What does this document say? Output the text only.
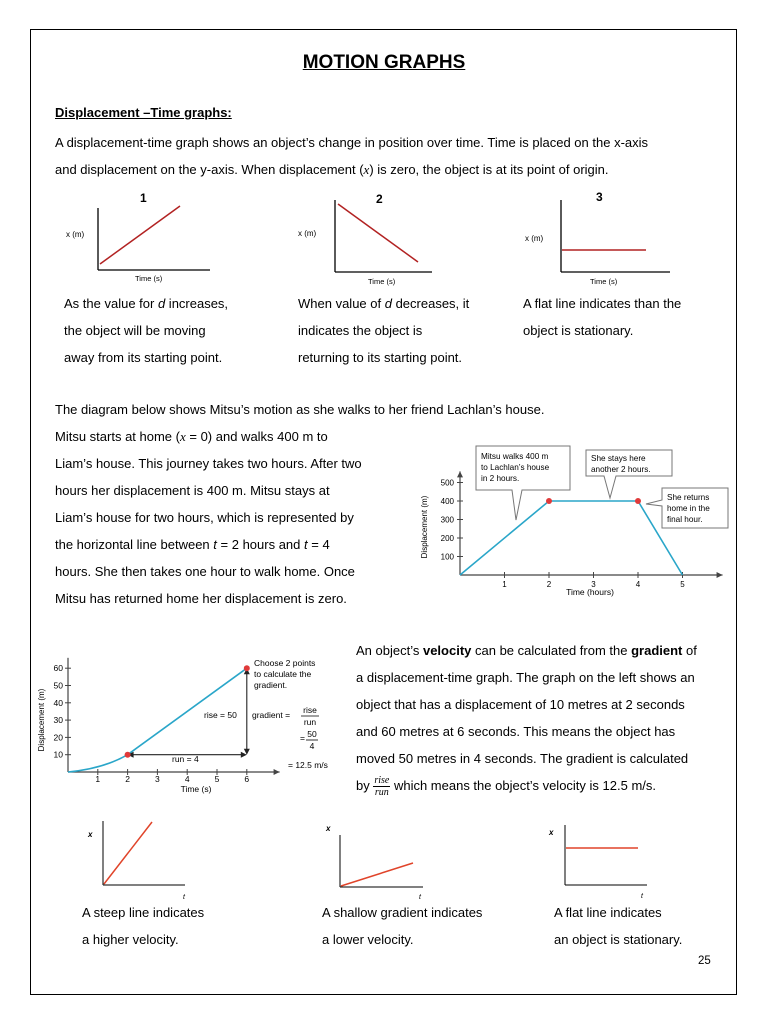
MOTION GRAPHS
Displacement –Time graphs:
A displacement-time graph shows an object’s change in position over time. Time is placed on the x-axis
and displacement on the y-axis. When displacement (x) is zero, the object is at its point of origin.
1
x (m)
Time (s)
2
x (m)
Time (s)
3
x (m)
Time (s)
As the value for d increases,
the object will be moving
away from its starting point.
When value of d decreases, it
indicates the object is
returning to its starting point.
A flat line indicates than the
object is stationary.
The diagram below shows Mitsu’s motion as she walks to her friend Lachlan’s house.
Mitsu starts at home (x = 0) and walks 400 m to
Liam’s house. This journey takes two hours. After two
hours her displacement is 400 m. Mitsu stays at
Liam’s house for two hours, which is represented by
the horizontal line between t = 2 hours and t = 4
hours. She then takes one hour to walk home. Once
Mitsu has returned home her displacement is zero.
100
200
300
400
500
1	2	3	4	5
Displacement (m)
Time (hours)
Mitsu walks 400 m
to Lachlan’s house
in 2 hours.
She stays here
another 2 hours.
She returns
home in the
final hour.
10
20
30
40
50
60
1	2	3	4	5	6
Displacement (m)
Time (s)
Choose 2 points
to calculate the
gradient.
rise = 50 gradient = rise
run
= 50
4
= 12.5 m/s
run = 4
An object’s velocity can be calculated from the gradient of
a displacement-time graph. The graph on the left shows an
object that has a displacement of 10 metres at 2 seconds
and 60 metres at 6 seconds. This means the object has
moved 50 metres in 4 seconds. The gradient is calculated
by $\frac{\text{rise}}{\text{run}}$ which means the object’s velocity is 12.5 m/s.
x
t
x
t
x
t
A steep line indicates
a higher velocity.
A shallow gradient indicates
a lower velocity.
A flat line indicates
an object is stationary.
25
